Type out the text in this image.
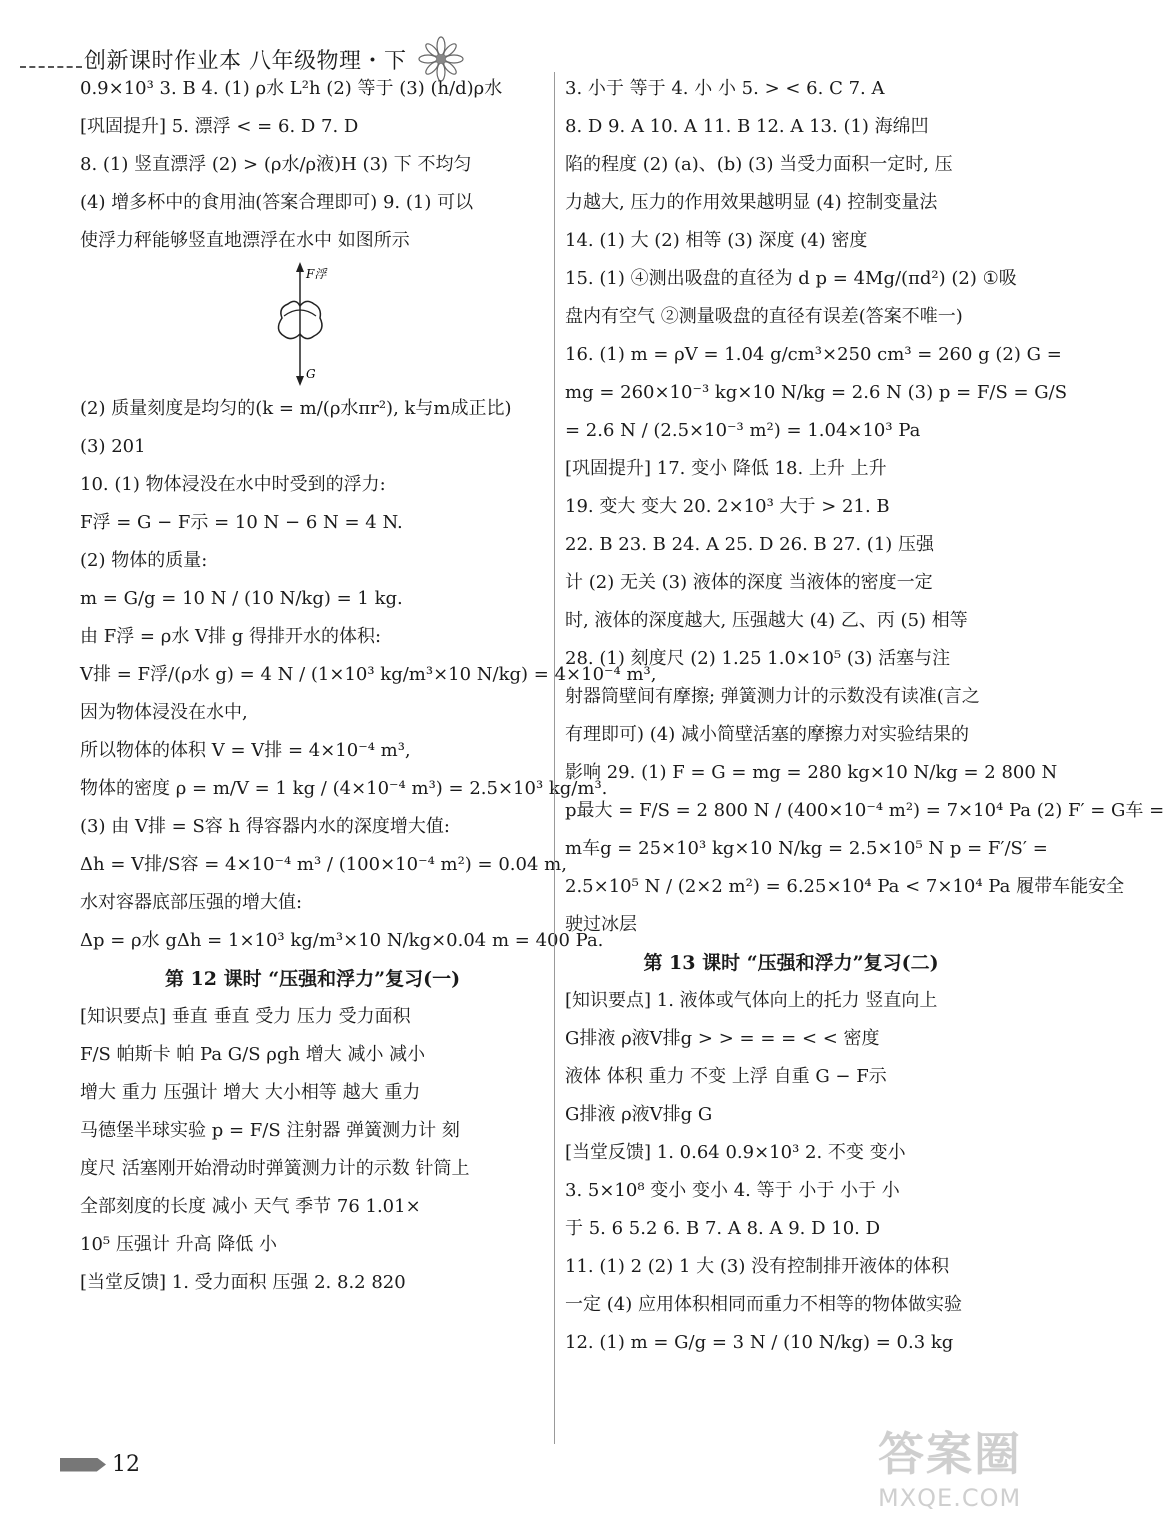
创新课时作业本 八年级物理・下
0.9×10³ 3. B 4. (1) ρ水 L²h (2) 等于 (3) (h/d)ρ水
[巩固提升] 5. 漂浮 < = 6. D 7. D
8. (1) 竖直漂浮 (2) > (ρ水/ρ液)H (3) 下 不均匀
(4) 增多杯中的食用油(答案合理即可) 9. (1) 可以
使浮力秤能够竖直地漂浮在水中 如图所示
F浮
G
(2) 质量刻度是均匀的(k = m/(ρ水πr²), k与m成正比)
(3) 201
10. (1) 物体浸没在水中时受到的浮力:
F浮 = G − F示 = 10 N − 6 N = 4 N.
(2) 物体的质量:
m = G/g = 10 N / (10 N/kg) = 1 kg.
由 F浮 = ρ水 V排 g 得排开水的体积:
V排 = F浮/(ρ水 g) = 4 N / (1×10³ kg/m³×10 N/kg) = 4×10⁻⁴ m³,
因为物体浸没在水中,
所以物体的体积 V = V排 = 4×10⁻⁴ m³,
物体的密度 ρ = m/V = 1 kg / (4×10⁻⁴ m³) = 2.5×10³ kg/m³.
(3) 由 V排 = S容 h 得容器内水的深度增大值:
Δh = V排/S容 = 4×10⁻⁴ m³ / (100×10⁻⁴ m²) = 0.04 m,
水对容器底部压强的增大值:
Δp = ρ水 gΔh = 1×10³ kg/m³×10 N/kg×0.04 m = 400 Pa.
第 12 课时 “压强和浮力”复习(一)
[知识要点] 垂直 垂直 受力 压力 受力面积
F/S 帕斯卡 帕 Pa G/S ρgh 增大 减小 减小
增大 重力 压强计 增大 大小相等 越大 重力
马德堡半球实验 p = F/S 注射器 弹簧测力计 刻
度尺 活塞刚开始滑动时弹簧测力计的示数 针筒上
全部刻度的长度 减小 天气 季节 76 1.01×
10⁵ 压强计 升高 降低 小
[当堂反馈] 1. 受力面积 压强 2. 8.2 820
3. 小于 等于 4. 小 小 5. > < 6. C 7. A
8. D 9. A 10. A 11. B 12. A 13. (1) 海绵凹
陷的程度 (2) (a)、(b) (3) 当受力面积一定时, 压
力越大, 压力的作用效果越明显 (4) 控制变量法
14. (1) 大 (2) 相等 (3) 深度 (4) 密度
15. (1) ④测出吸盘的直径为 d p = 4Mg/(πd²) (2) ①吸
盘内有空气 ②测量吸盘的直径有误差(答案不唯一)
16. (1) m = ρV = 1.04 g/cm³×250 cm³ = 260 g (2) G =
mg = 260×10⁻³ kg×10 N/kg = 2.6 N (3) p = F/S = G/S
= 2.6 N / (2.5×10⁻³ m²) = 1.04×10³ Pa
[巩固提升] 17. 变小 降低 18. 上升 上升
19. 变大 变大 20. 2×10³ 大于 > 21. B
22. B 23. B 24. A 25. D 26. B 27. (1) 压强
计 (2) 无关 (3) 液体的深度 当液体的密度一定
时, 液体的深度越大, 压强越大 (4) 乙、丙 (5) 相等
28. (1) 刻度尺 (2) 1.25 1.0×10⁵ (3) 活塞与注
射器筒壁间有摩擦; 弹簧测力计的示数没有读准(言之
有理即可) (4) 减小简壁活塞的摩擦力对实验结果的
影响 29. (1) F = G = mg = 280 kg×10 N/kg = 2 800 N
p最大 = F/S = 2 800 N / (400×10⁻⁴ m²) = 7×10⁴ Pa (2) F′ = G车 =
m车g = 25×10³ kg×10 N/kg = 2.5×10⁵ N p = F′/S′ =
2.5×10⁵ N / (2×2 m²) = 6.25×10⁴ Pa < 7×10⁴ Pa 履带车能安全
驶过冰层
第 13 课时 “压强和浮力”复习(二)
[知识要点] 1. 液体或气体向上的托力 竖直向上
G排液 ρ液V排g > > = = = < < 密度
液体 体积 重力 不变 上浮 自重 G − F示
G排液 ρ液V排g G
[当堂反馈] 1. 0.64 0.9×10³ 2. 不变 变小
3. 5×10⁸ 变小 变小 4. 等于 小于 小于 小
于 5. 6 5.2 6. B 7. A 8. A 9. D 10. D
11. (1) 2 (2) 1 大 (3) 没有控制排开液体的体积
一定 (4) 应用体积相同而重力不相等的物体做实验
12. (1) m = G/g = 3 N / (10 N/kg) = 0.3 kg
12	答案圈
MXQE.COM
